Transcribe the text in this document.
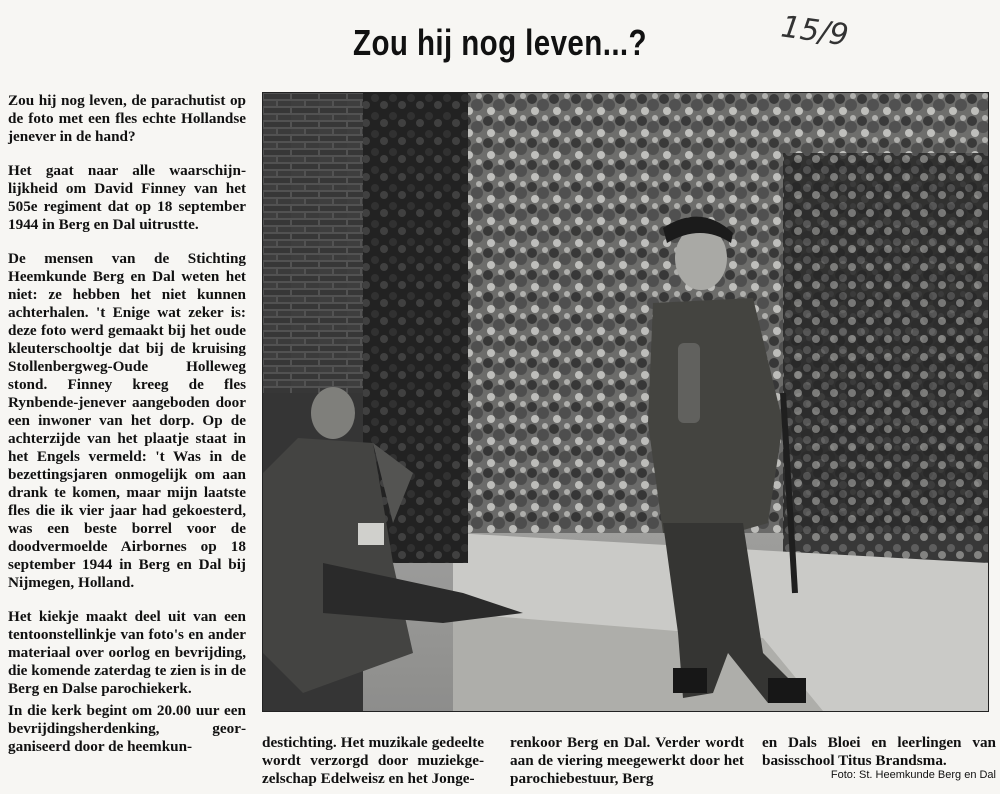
Zou hij nog leven...?	15/9

Zou hij nog leven, de parachutist op de foto met een fles echte Hollandse jenever in de hand?

Het gaat naar alle waarschijnlijkheid om David Finney van het 505e regiment dat op 18 september 1944 in Berg en Dal uitrustte.

De mensen van de Stichting Heemkunde Berg en Dal weten het niet: ze hebben het niet kunnen achterhalen. 't Enige wat zeker is: deze foto werd gemaakt bij het oude kleuterschooltje dat bij de kruising Stollenbergweg-Oude Holleweg stond. Finney kreeg de fles Rynbende-jenever aangeboden door een inwoner van het dorp. Op de achterzijde van het plaatje staat in het Engels vermeld: 't Was in de bezettingsjaren onmogelijk om aan drank te komen, maar mijn laatste fles die ik vier jaar had gekoesterd, was een beste borrel voor de doodvermoelde Airbornes op 18 september 1944 in Berg en Dal bij Nijmegen, Holland.

Het kiekje maakt deel uit van een tentoonstellinkje van foto's en ander materiaal over oorlog en bevrijding, die komende zaterdag te zien is in de Berg en Dalse parochiekerk.

In die kerk begint om 20.00 uur een bevrijdingsherdenking, georganiseerd door de heemkun-	destichting. Het muzikale gedeelte wordt verzorgd door muziekgezelschap Edelweisz en het Jonge-
renkoor Berg en Dal. Verder wordt aan de viering meegewerkt door het parochiebestuur, Berg
en Dals Bloei en leerlingen van basisschool Titus Brandsma.
Foto: St. Heemkunde Berg en Dal
